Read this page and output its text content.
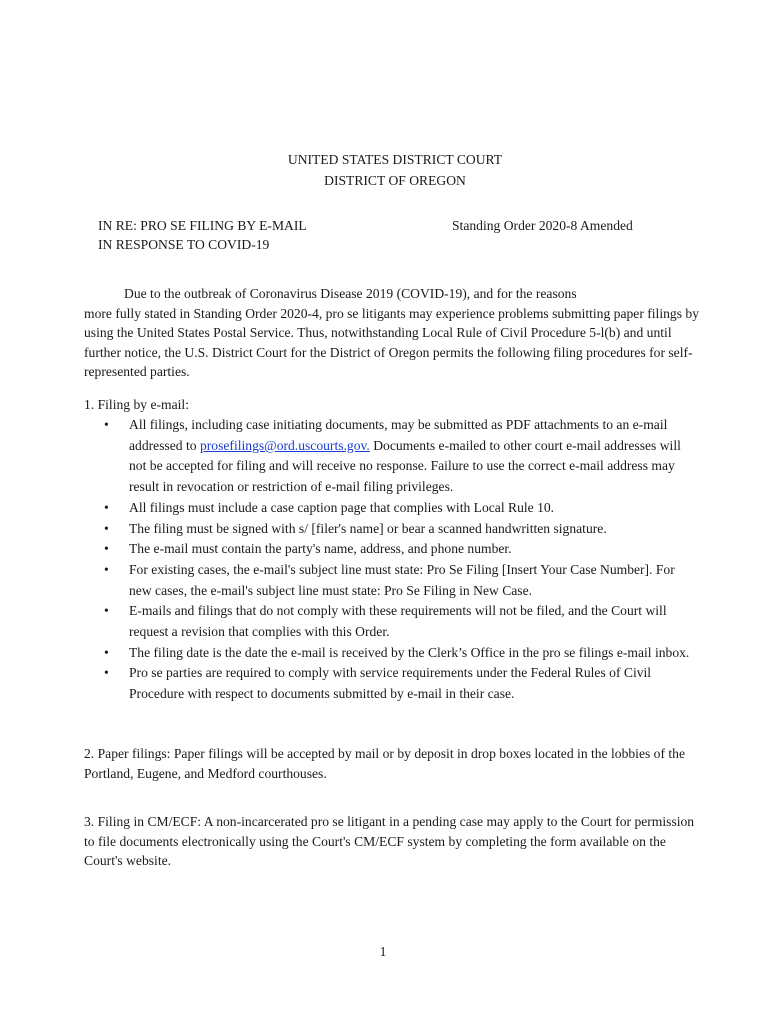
UNITED STATES DISTRICT COURT
DISTRICT OF OREGON
IN RE: PRO SE FILING BY E-MAIL
IN RESPONSE TO COVID-19
Standing Order 2020-8 Amended
Due to the outbreak of Coronavirus Disease 2019 (COVID-19), and for the reasons
more fully stated in Standing Order 2020-4, pro se litigants may experience problems submitting paper filings by using the United States Postal Service. Thus, notwithstanding Local Rule of Civil Procedure 5-l(b) and until further notice, the U.S. District Court for the District of Oregon permits the following filing procedures for self-represented parties.
1. Filing by e-mail:
• All filings, including case initiating documents, may be submitted as PDF attachments to an e-mail addressed to prosefilings@ord.uscourts.gov. Documents e-mailed to other court e-mail addresses will not be accepted for filing and will receive no response. Failure to use the correct e-mail address may result in revocation or restriction of e-mail filing privileges.
• All filings must include a case caption page that complies with Local Rule 10.
• The filing must be signed with s/ [filer's name] or bear a scanned handwritten signature.
• The e-mail must contain the party's name, address, and phone number.
• For existing cases, the e-mail's subject line must state: Pro Se Filing [Insert Your Case Number]. For new cases, the e-mail's subject line must state: Pro Se Filing in New Case.
• E-mails and filings that do not comply with these requirements will not be filed, and the Court will request a revision that complies with this Order.
• The filing date is the date the e-mail is received by the Clerk’s Office in the pro se filings e-mail inbox.
• Pro se parties are required to comply with service requirements under the Federal Rules of Civil Procedure with respect to documents submitted by e-mail in their case.
2. Paper filings: Paper filings will be accepted by mail or by deposit in drop boxes located in the lobbies of the Portland, Eugene, and Medford courthouses.
3. Filing in CM/ECF: A non-incarcerated pro se litigant in a pending case may apply to the Court for permission to file documents electronically using the Court's CM/ECF system by completing the form available on the Court's website.
1
